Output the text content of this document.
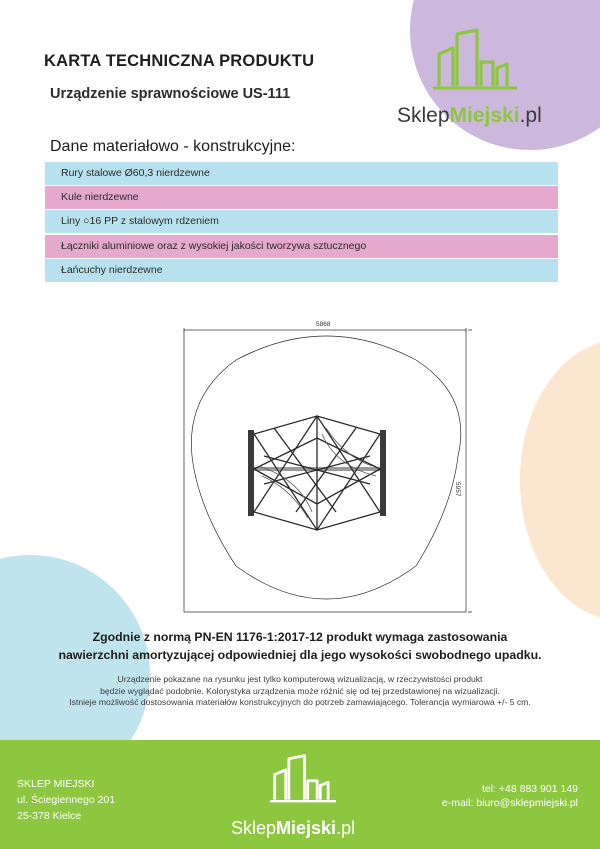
KARTA TECHNICZNA PRODUKTU
Urządzenie sprawnościowe US-111
SklepMiejski.pl
Dane materiałowo - konstrukcyjne:
Rury stalowe Ø60,3 nierdzewne
Kule nierdzewne
Liny ○16 PP z stalowym rdzeniem
Łączniki aluminiowe oraz z wysokiej jakości tworzywa sztucznego
Łańcuchy nierdzewne
5868
5957
Zgodnie z normą PN-EN 1176-1:2017-12 produkt wymaga zastosowania
nawierzchni amortyzującej odpowiedniej dla jego wysokości swobodnego upadku.
Urządzenie pokazane na rysunku jest tylko komputerową wizualizacją, w rzeczywistości produkt
będzie wyglądać podobnie. Kolorystyka urządzenia może różnić się od tej przedstawionej na wizualizacji.
Istnieje możliwość dostosowania materiałów konstrukcyjnych do potrzeb zamawiającego. Tolerancja wymiarowa +/- 5 cm.
SKLEP MIEJSKI
ul. Ściegiennego 201
25-378 Kielce
SklepMiejski.pl
tel: +48 883 901 149
e-mail: biuro@sklepmiejski.pl
